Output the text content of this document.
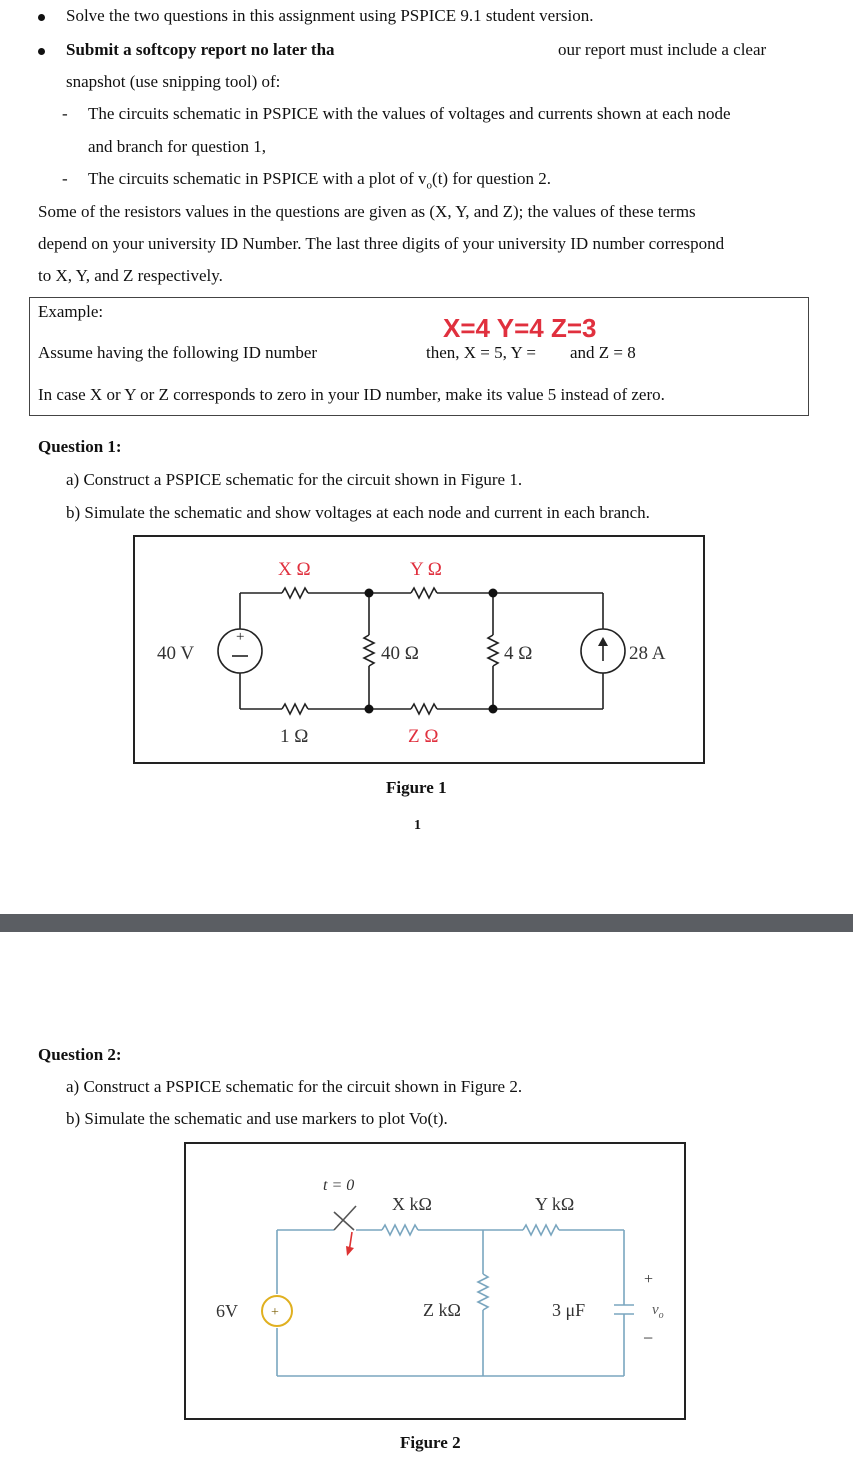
Solve the two questions in this assignment using PSPICE 9.1 student version.
Submit a softcopy report no later tha	our report must include a clear
snapshot (use snipping tool) of:
- The circuits schematic in PSPICE with the values of voltages and currents shown at each node
and branch for question 1,
- The circuits schematic in PSPICE with a plot of $v_o(t)$ for question 2.
Some of the resistors values in the questions are given as (X, Y, and Z); the values of these terms
depend on your university ID Number. The last three digits of your university ID number correspond
to X, Y, and Z respectively.
Example:
X=4 Y=4 Z=3
Assume having the following ID number	then, X = 5, Y = and Z = 8
In case X or Y or Z corresponds to zero in your ID number, make its value 5 instead of zero.
Question 1:
a) Construct a PSPICE schematic for the circuit shown in Figure 1.
b) Simulate the schematic and show voltages at each node and current in each branch.
+
40 V
X Ω	Y Ω
40 Ω	4 Ω
1 Ω	Z Ω
28 A
Figure 1
1
Question 2:
a) Construct a PSPICE schematic for the circuit shown in Figure 2.
b) Simulate the schematic and use markers to plot Vo(t).
+
t = 0
6V
X kΩ	Y kΩ
Z kΩ	3 μF
+
$v_o$
−
Figure 2
